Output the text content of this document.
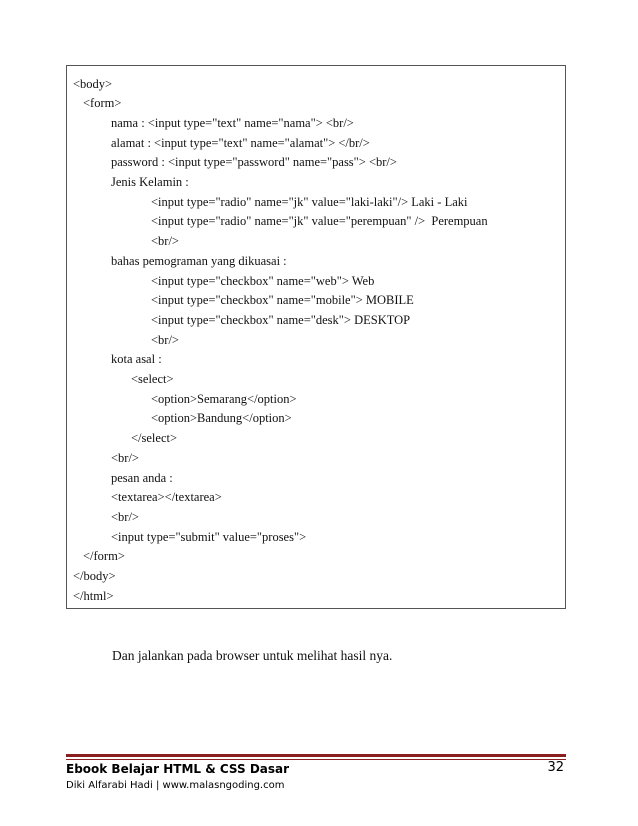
<body>
<form>
nama : <input type="text" name="nama"> <br/>
alamat : <input type="text" name="alamat"> </br/>
password : <input type="password" name="pass"> <br/>
Jenis Kelamin :
<input type="radio" name="jk" value="laki-laki"/> Laki - Laki
<input type="radio" name="jk" value="perempuan" />  Perempuan
<br/>
bahas pemograman yang dikuasai :
<input type="checkbox" name="web"> Web
<input type="checkbox" name="mobile"> MOBILE
<input type="checkbox" name="desk"> DESKTOP
<br/>
kota asal :
<select>
<option>Semarang</option>
<option>Bandung</option>
</select>
<br/>
pesan anda :
<textarea></textarea>
<br/>
<input type="submit" value="proses">
</form>
</body>
</html>
Dan jalankan pada browser untuk melihat hasil nya.
Ebook Belajar HTML & CSS Dasar
Diki Alfarabi Hadi | www.malasngoding.com
32
